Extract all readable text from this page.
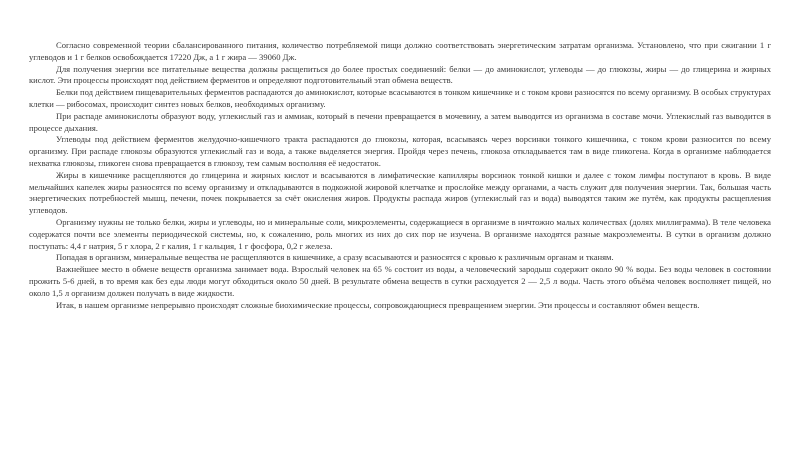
Согласно современной теории сбалансированного питания, количество потребляемой пищи должно соответствовать энергетическим затратам организма. Установлено, что при сжигании 1 г углеводов и 1 г белков освобождается 17220 Дж, а 1 г жира — 39060 Дж.

Для получения энергии все питательные вещества должны расщепиться до более простых соединений: белки — до аминокислот, углеводы — до глюкозы, жиры — до глицерина и жирных кислот. Эти процессы происходят под действием ферментов и определяют подготовительный этап обмена веществ.

Белки под действием пищеварительных ферментов распадаются до аминокислот, которые всасываются в тонком кишечнике и с током крови разносятся по всему организму. В особых структурах клетки — рибосомах, происходит синтез новых белков, необходимых организму.

При распаде аминокислоты образуют воду, углекислый газ и аммиак, который в печени превращается в мочевину, а затем выводится из организма в составе мочи. Углекислый газ выводится в процессе дыхания.

Углеводы под действием ферментов желудочно-кишечного тракта распадаются до глюкозы, которая, всасываясь через ворсинки тонкого кишечника, с током крови разносится по всему организму. При распаде глюкозы образуются углекислый газ и вода, а также выделяется энергия. Пройдя через печень, глюкоза откладывается там в виде гликогена. Когда в организме наблюдается нехватка глюкозы, гликоген снова превращается в глюкозу, тем самым восполняя её недостаток.

Жиры в кишечнике расщепляются до глицерина и жирных кислот и всасываются в лимфатические капилляры ворсинок тонкой кишки и далее с током лимфы поступают в кровь. В виде мельчайших капелек жиры разносятся по всему организму и откладываются в подкожной жировой клетчатке и прослойке между органами, а часть служит для получения энергии. Так, большая часть энергетических потребностей мышц, печени, почек покрывается за счёт окисления жиров. Продукты распада жиров (углекислый газ и вода) выводятся таким же путём, как продукты расщепления углеводов.

Организму нужны не только белки, жиры и углеводы, но и минеральные соли, микроэлементы, содержащиеся в организме в ничтожно малых количествах (долях миллиграмма). В теле человека содержатся почти все элементы периодической системы, но, к сожалению, роль многих из них до сих пор не изучена. В организме находятся разные макроэлементы. В сутки в организм должно поступать: 4,4 г натрия, 5 г хлора, 2 г калия, 1 г кальция, 1 г фосфора, 0,2 г железа.

Попадая в организм, минеральные вещества не расщепляются в кишечнике, а сразу всасываются и разносятся с кровью к различным органам и тканям.

Важнейшее место в обмене веществ организма занимает вода. Взрослый человек на 65 % состоит из воды, а человеческий зародыш содержит около 90 % воды. Без воды человек в состоянии прожить 5-6 дней, в то время как без еды люди могут обходиться около 50 дней. В результате обмена веществ в сутки расходуется 2 — 2,5 л воды. Часть этого объёма человек восполняет пищей, но около 1,5 л организм должен получать в виде жидкости.

Итак, в нашем организме непрерывно происходят сложные биохимические процессы, сопровождающиеся превращением энергии. Эти процессы и составляют обмен веществ.
